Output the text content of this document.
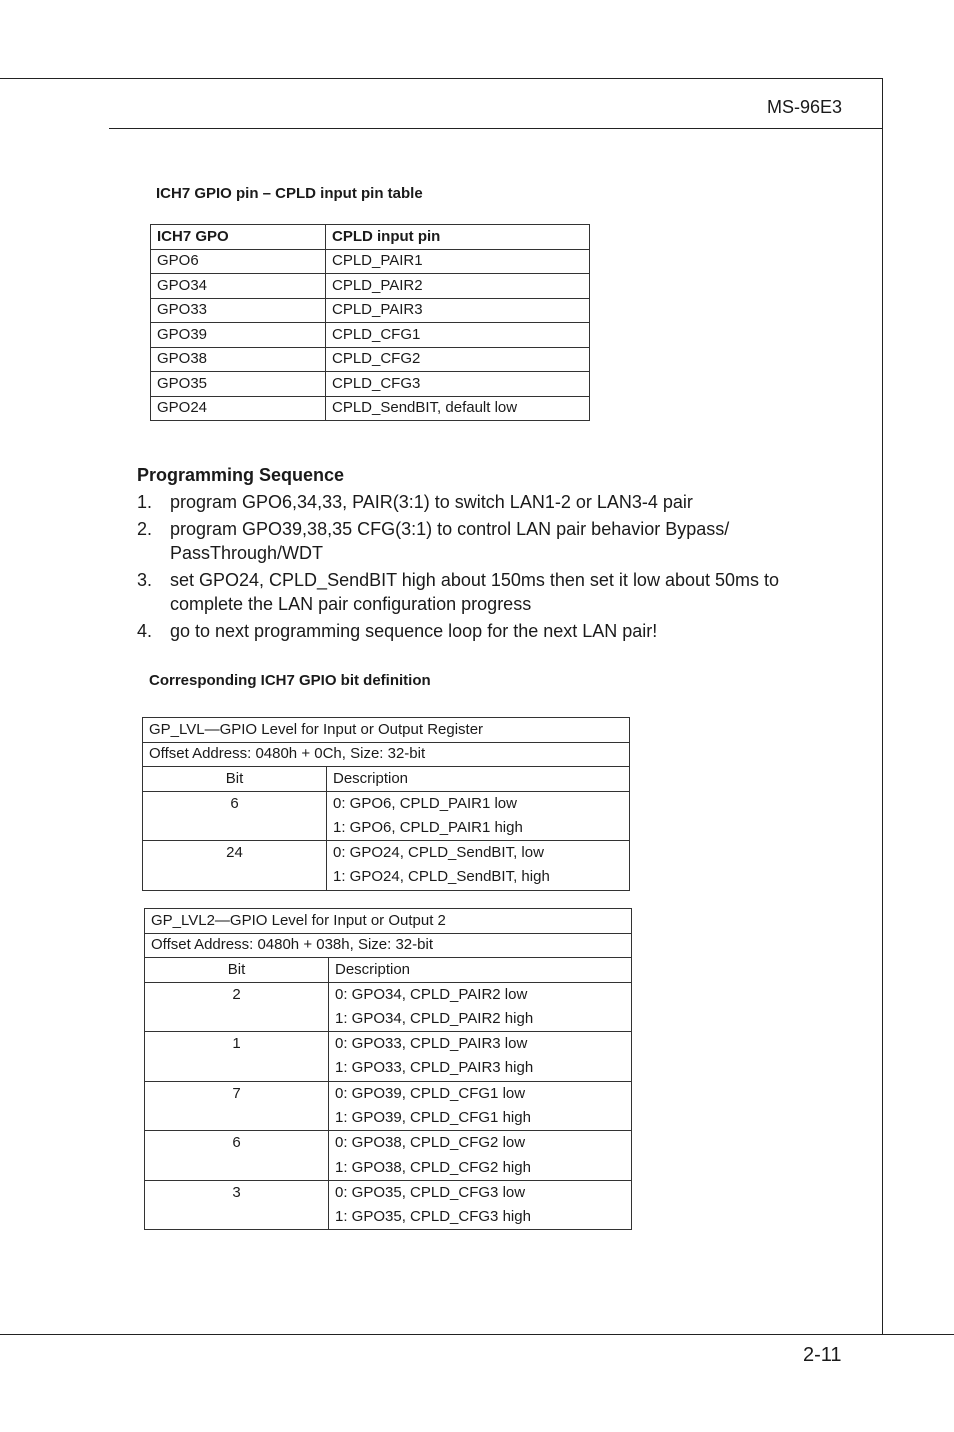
MS-96E3
ICH7 GPIO pin – CPLD input pin table
ICH7 GPO	CPLD input pin
GPO6	CPLD_PAIR1
GPO34	CPLD_PAIR2
GPO33	CPLD_PAIR3
GPO39	CPLD_CFG1
GPO38	CPLD_CFG2
GPO35	CPLD_CFG3
GPO24	CPLD_SendBIT, default low
Programming Sequence
1. program GPO6,34,33, PAIR(3:1) to switch LAN1-2 or LAN3-4 pair
2. program GPO39,38,35 CFG(3:1) to control LAN pair behavior Bypass/ PassThrough/WDT
3. set GPO24, CPLD_SendBIT high about 150ms then set it low about 50ms to complete the LAN pair configuration progress
4. go to next programming sequence loop for the next LAN pair!
Corresponding ICH7 GPIO bit definition
GP_LVL—GPIO Level for Input or Output Register	
Offset Address: 0480h + 0Ch, Size: 32-bit	
Bit	Description
6	0: GPO6, CPLD_PAIR1 low
1: GPO6, CPLD_PAIR1 high

24	0: GPO24, CPLD_SendBIT, low
1: GPO24, CPLD_SendBIT, high
GP_LVL2—GPIO Level for Input or Output 2	
Offset Address: 0480h + 038h, Size: 32-bit	
Bit	Description
2	0: GPO34, CPLD_PAIR2 low
1: GPO34, CPLD_PAIR2 high

1	0: GPO33, CPLD_PAIR3 low
1: GPO33, CPLD_PAIR3 high

7	0: GPO39, CPLD_CFG1 low
1: GPO39, CPLD_CFG1 high

6	0: GPO38, CPLD_CFG2 low
1: GPO38, CPLD_CFG2 high

3	0: GPO35, CPLD_CFG3 low
1: GPO35, CPLD_CFG3 high
2-11
